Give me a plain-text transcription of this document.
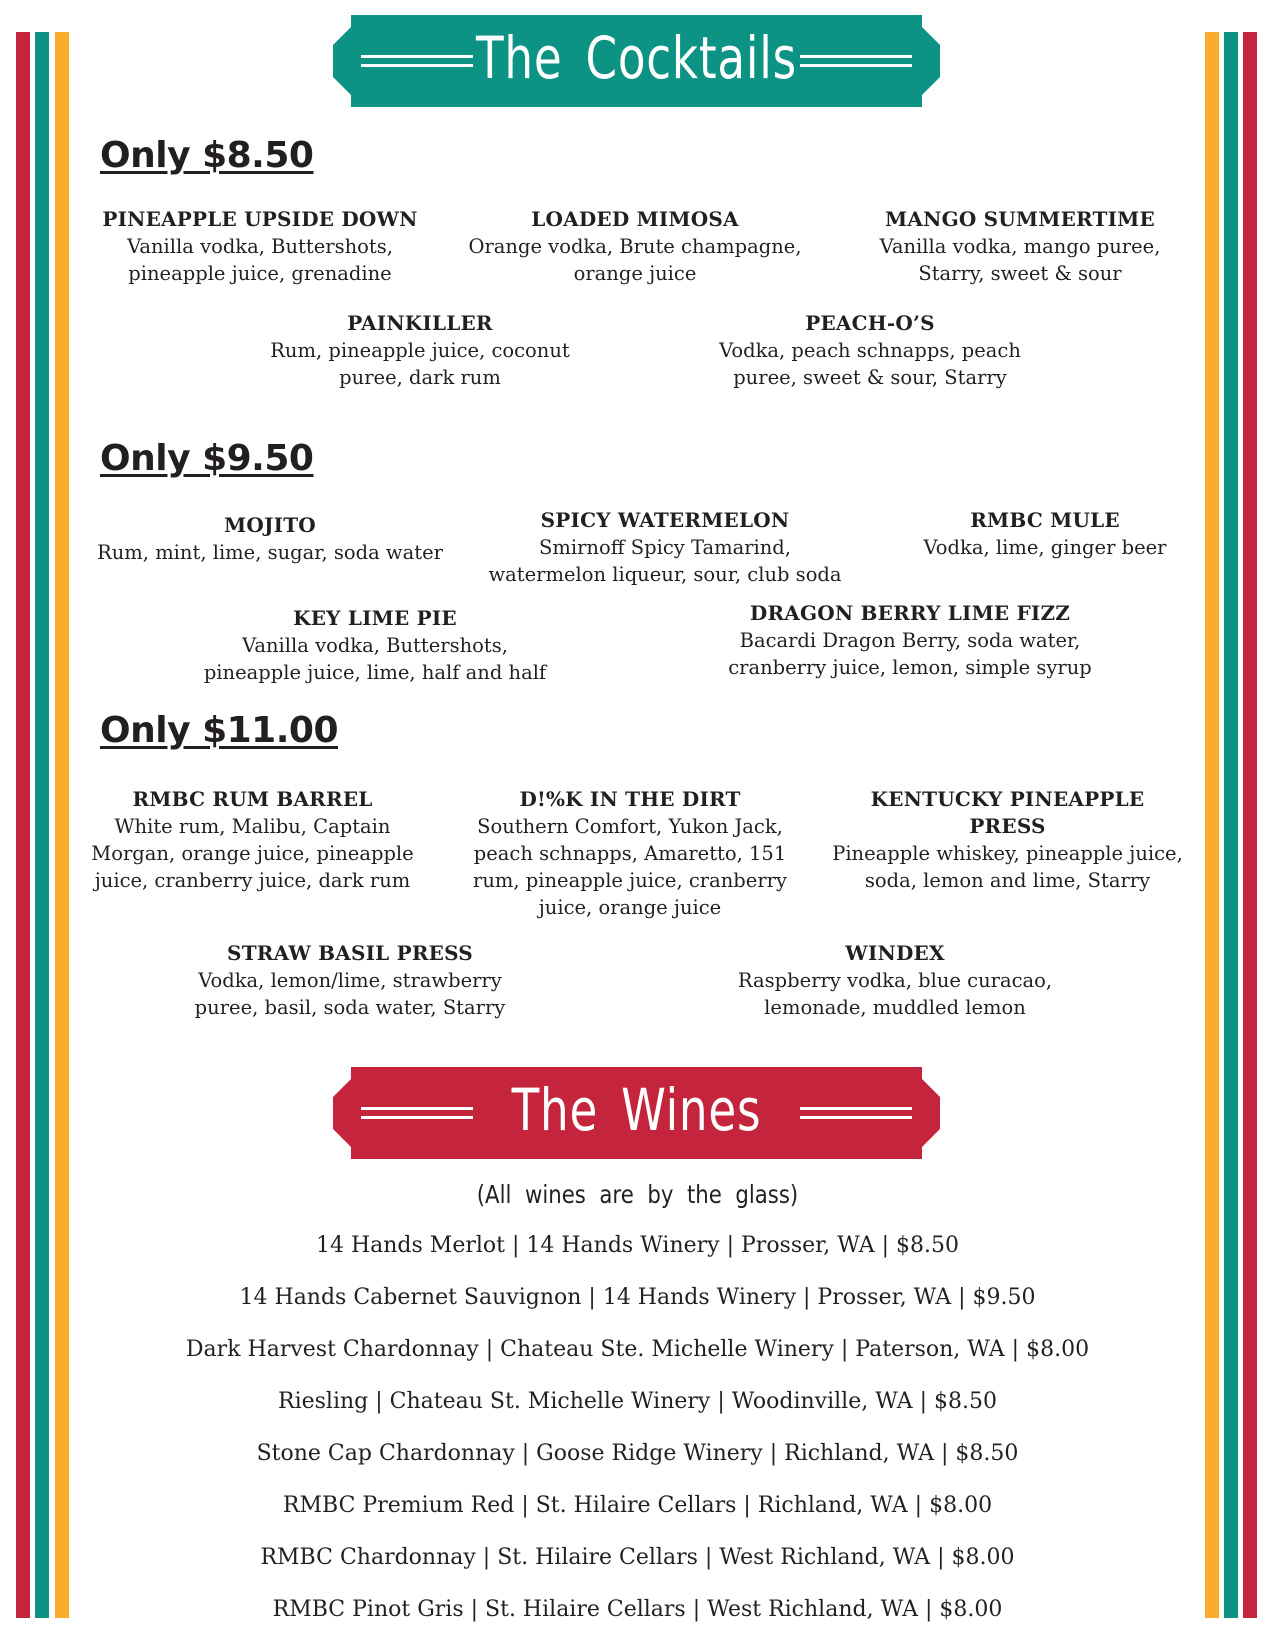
The Cocktails
Only $8.50
PINEAPPLE UPSIDE DOWN
Vanilla vodka, Buttershots,
pineapple juice, grenadine
LOADED MIMOSA
Orange vodka, Brute champagne,
orange juice
MANGO SUMMERTIME
Vanilla vodka, mango puree,
Starry, sweet & sour
PAINKILLER
Rum, pineapple juice, coconut
puree, dark rum
PEACH-O’S
Vodka, peach schnapps, peach
puree, sweet & sour, Starry
Only $9.50
MOJITO
Rum, mint, lime, sugar, soda water
SPICY WATERMELON
Smirnoff Spicy Tamarind,
watermelon liqueur, sour, club soda
RMBC MULE
Vodka, lime, ginger beer
KEY LIME PIE
Vanilla vodka, Buttershots,
pineapple juice, lime, half and half
DRAGON BERRY LIME FIZZ
Bacardi Dragon Berry, soda water,
cranberry juice, lemon, simple syrup
Only $11.00
RMBC RUM BARREL
White rum, Malibu, Captain
Morgan, orange juice, pineapple
juice, cranberry juice, dark rum
D!%K IN THE DIRT
Southern Comfort, Yukon Jack,
peach schnapps, Amaretto, 151
rum, pineapple juice, cranberry
juice, orange juice
KENTUCKY PINEAPPLE
PRESS
Pineapple whiskey, pineapple juice,
soda, lemon and lime, Starry
STRAW BASIL PRESS
Vodka, lemon/lime, strawberry
puree, basil, soda water, Starry
WINDEX
Raspberry vodka, blue curacao,
lemonade, muddled lemon
The Wines
(All wines are by the glass)
14 Hands Merlot | 14 Hands Winery | Prosser, WA | $8.50
14 Hands Cabernet Sauvignon | 14 Hands Winery | Prosser, WA | $9.50
Dark Harvest Chardonnay | Chateau Ste. Michelle Winery | Paterson, WA | $8.00
Riesling | Chateau St. Michelle Winery | Woodinville, WA | $8.50
Stone Cap Chardonnay | Goose Ridge Winery | Richland, WA | $8.50
RMBC Premium Red | St. Hilaire Cellars | Richland, WA | $8.00
RMBC Chardonnay | St. Hilaire Cellars | West Richland, WA | $8.00
RMBC Pinot Gris | St. Hilaire Cellars | West Richland, WA | $8.00
